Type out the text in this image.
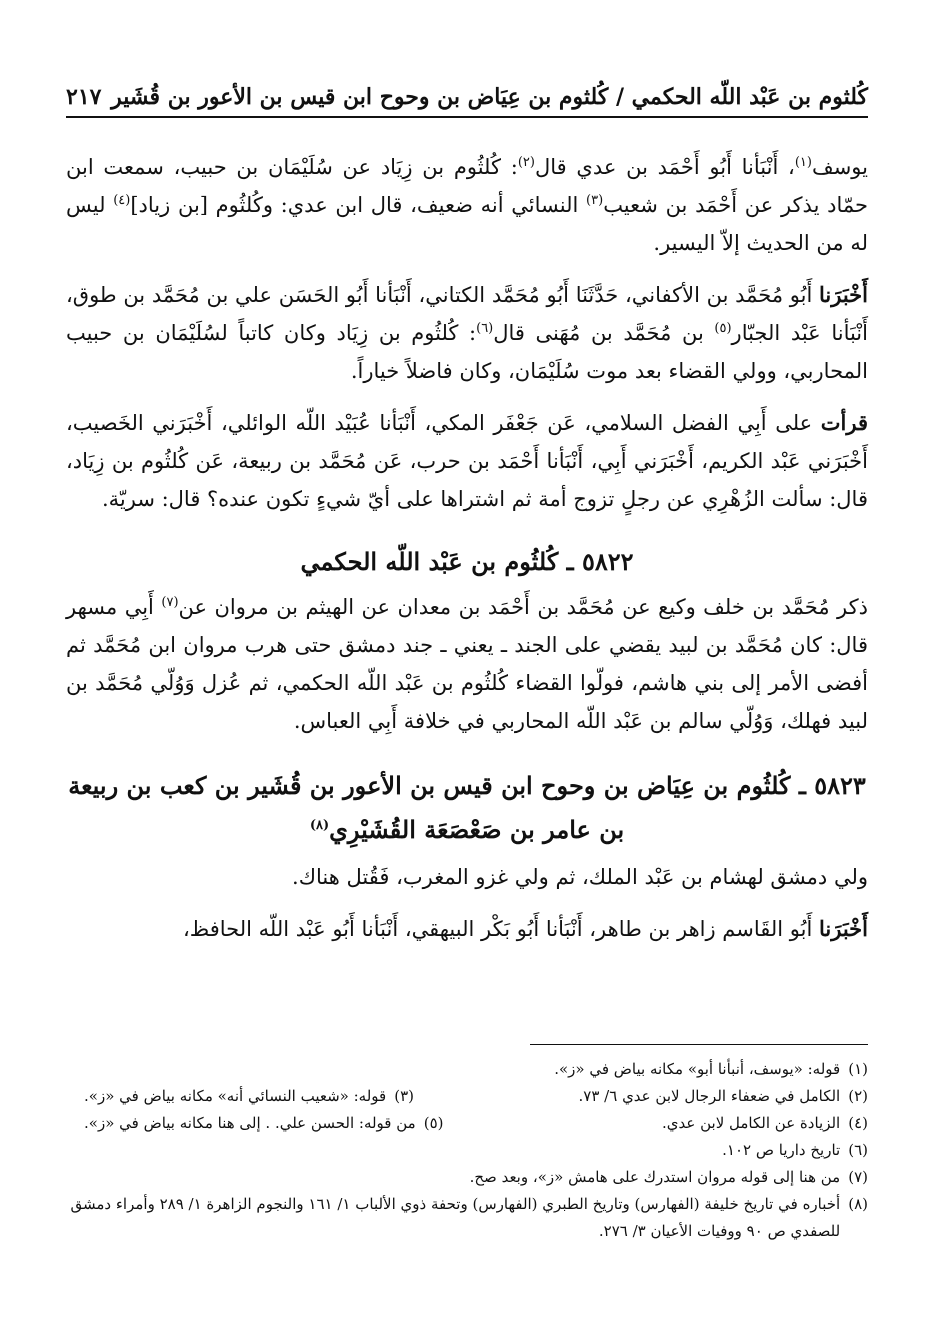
كُلثوم بن عَبْد اللّه الحكمي / كُلثوم بن عِيَاض بن وحوح ابن قيس بن الأعور بن قُشَير
٢١٧

يوسف$^{(١)}$، أَنْبَأنا أَبُو أَحْمَد بن عدي قال$^{(٢)}$: كُلثُوم بن زِيَاد عن سُلَيْمَان بن حبيب، سمعت ابن حمّاد يذكر عن أَحْمَد بن شعيب$^{(٣)}$ النسائي أنه ضعيف، قال ابن عدي: وكُلثُوم [بن زياد]$^{(٤)}$ ليس له من الحديث إلاّ اليسير.

أَخْبَرَنا أَبُو مُحَمَّد بن الأكفاني، حَدَّثَنَا أَبُو مُحَمَّد الكتاني، أَنْبَأنا أَبُو الحَسَن علي بن مُحَمَّد بن طوق، أَنْبَأنا عَبْد الجبّار$^{(٥)}$ بن مُحَمَّد بن مُهَنى قال$^{(٦)}$: كُلثُوم بن زِيَاد وكان كاتباً لسُلَيْمَان بن حبيب المحاربي، وولي القضاء بعد موت سُلَيْمَان، وكان فاضلاً خياراً.

قرأت على أَبِي الفضل السلامي، عَن جَعْفَر المكي، أَنْبَأنا عُبَيْد اللّه الوائلي، أَخْبَرَني الخَصيب، أَخْبَرَني عَبْد الكريم، أَخْبَرَني أَبِي، أَنْبَأنا أَحْمَد بن حرب، عَن مُحَمَّد بن ربيعة، عَن كُلثُوم بن زِيَاد، قال: سألت الزُهْرِي عن رجلٍ تزوج أمة ثم اشتراها على أيّ شيءٍ تكون عنده؟ قال: سريّة.

٥٨٢٢ ـ كُلثُوم بن عَبْد اللّه الحكمي

ذكر مُحَمَّد بن خلف وكيع عن مُحَمَّد بن أَحْمَد بن معدان عن الهيثم بن مروان عن$^{(٧)}$ أَبِي مسهر قال: كان مُحَمَّد بن لبيد يقضي على الجند ـ يعني ـ جند دمشق حتى هرب مروان ابن مُحَمَّد ثم أفضى الأمر إلى بني هاشم، فولّوا القضاء كُلثُوم بن عَبْد اللّه الحكمي، ثم عُزل وَوُلّي مُحَمَّد بن لبيد فهلك، وَوُلّي سالم بن عَبْد اللّه المحاربي في خلافة أَبِي العباس.

٥٨٢٣ ـ كُلثُوم بن عِيَاض بن وحوح ابن قيس بن الأعور بن قُشَير بن كعب بن ربيعة
بن عامر بن صَعْصَعَة القُشَيْرِي$^{(٨)}$

ولي دمشق لهشام بن عَبْد الملك، ثم ولي غزو المغرب، فَقُتل هناك.

أَخْبَرَنا أَبُو القَاسم زاهر بن طاهر، أَنْبَأنا أَبُو بَكْر البيهقي، أَنْبَأنا أَبُو عَبْد اللّه الحافظ،

(١)
قوله: «يوسف، أنبأنا أبو» مكانه بياض في «ز».
(٢)
الكامل في ضعفاء الرجال لابن عدي ٦/ ٧٣.
(٣)
قوله: «شعيب النسائي أنه» مكانه بياض في «ز».
(٤)
الزيادة عن الكامل لابن عدي.
(٥)
من قوله: الحسن علي. . إلى هنا مكانه بياض في «ز».
(٦)
تاريخ داريا ص ١٠٢.
(٧)
من هنا إلى قوله مروان استدرك على هامش «ز»، وبعد صح.
(٨)
أخباره في تاريخ خليفة (الفهارس) وتاريخ الطبري (الفهارس) وتحفة ذوي الألباب ١/ ١٦١ والنجوم الزاهرة ١/ ٢٨٩ وأمراء دمشق للصفدي ص ٩٠ ووفيات الأعيان ٣/ ٢٧٦.
